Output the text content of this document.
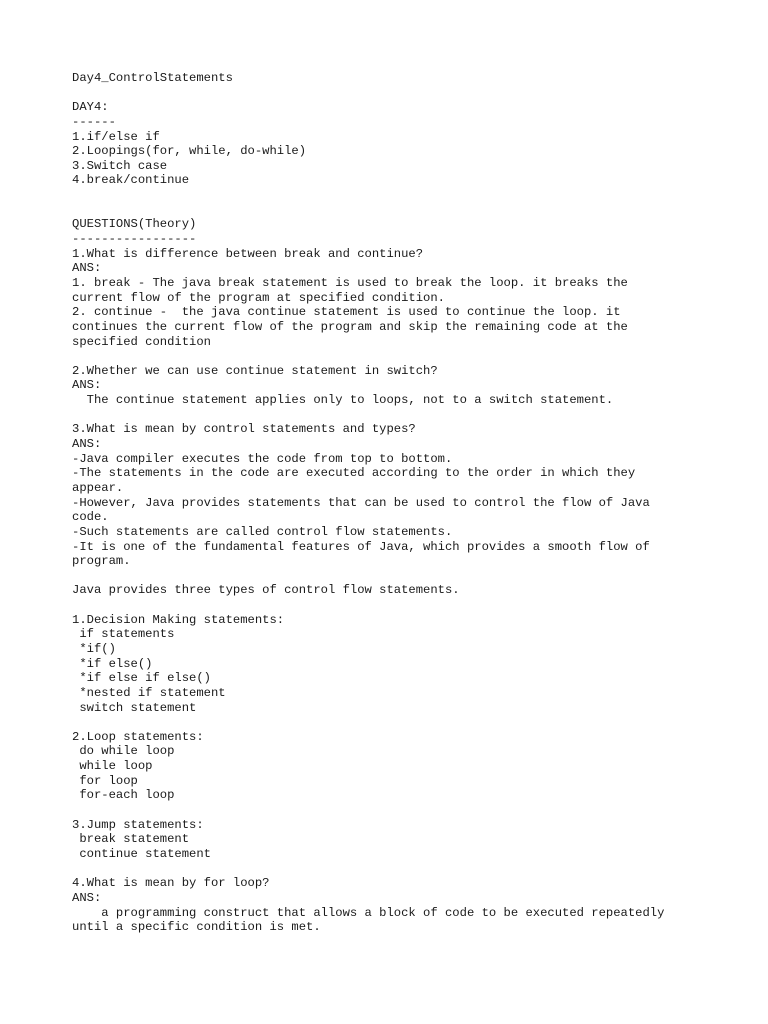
Day4_ControlStatements
DAY4:
------
1.if/else if
2.Loopings(for, while, do-while)
3.Switch case
4.break/continue
QUESTIONS(Theory)
-----------------
1.What is difference between break and continue?
ANS:
1. break - The java break statement is used to break the loop. it breaks the
current flow of the program at specified condition.
2. continue -  the java continue statement is used to continue the loop. it
continues the current flow of the program and skip the remaining code at the
specified condition
2.Whether we can use continue statement in switch?
ANS:
The continue statement applies only to loops, not to a switch statement.
3.What is mean by control statements and types?
ANS:
-Java compiler executes the code from top to bottom.
-The statements in the code are executed according to the order in which they
appear.
-However, Java provides statements that can be used to control the flow of Java
code.
-Such statements are called control flow statements.
-It is one of the fundamental features of Java, which provides a smooth flow of
program.
Java provides three types of control flow statements.
1.Decision Making statements:
if statements
*if()
*if else()
*if else if else()
*nested if statement
switch statement
2.Loop statements:
do while loop
while loop
for loop
for-each loop
3.Jump statements:
break statement
continue statement
4.What is mean by for loop?
ANS:
a programming construct that allows a block of code to be executed repeatedly
until a specific condition is met.
